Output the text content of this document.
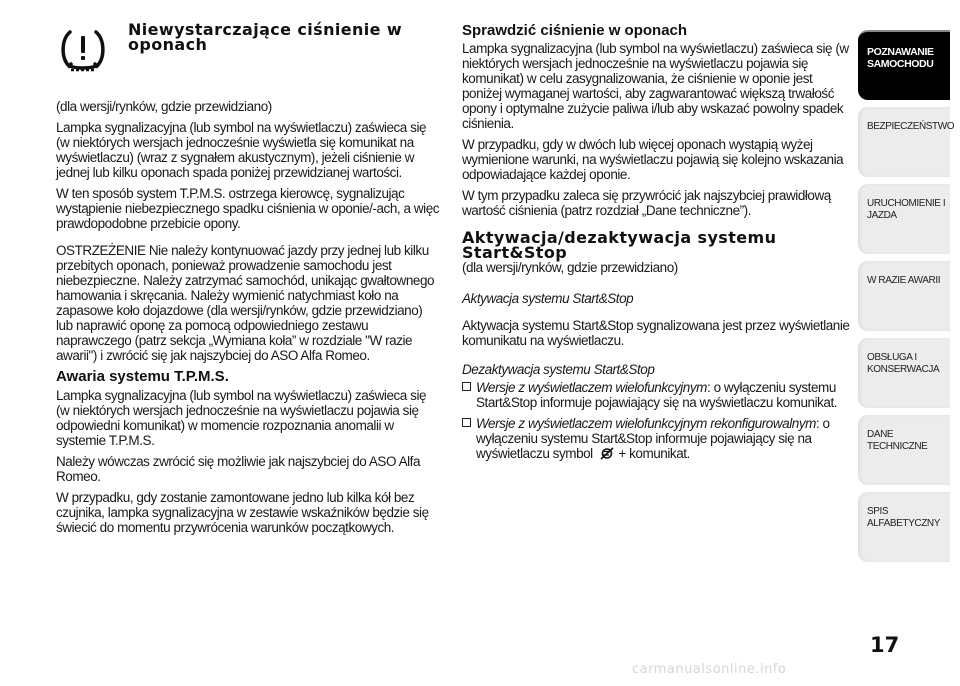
Niewystarczające ciśnienie w
oponach

(dla wersji/rynków, gdzie przewidziano)

Lampka sygnalizacyjna (lub symbol na wyświetlaczu) zaświeca się (w niektórych wersjach jednocześnie wyświetla się komunikat na wyświetlaczu) (wraz z sygnałem akustycznym), jeżeli ciśnienie w jednej lub kilku oponach spada poniżej przewidzianej wartości.

W ten sposób system T.P.M.S. ostrzega kierowcę, sygnalizując wystąpienie niebezpiecznego spadku ciśnienia w oponie/-ach, a więc prawdopodobne przebicie opony.

OSTRZEŻENIE Nie należy kontynuować jazdy przy jednej lub kilku przebitych oponach, ponieważ prowadzenie samochodu jest niebezpieczne. Należy zatrzymać samochód, unikając gwałtownego hamowania i skręcania. Należy wymienić natychmiast koło na zapasowe koło dojazdowe (dla wersji/rynków, gdzie przewidziano) lub naprawić oponę za pomocą odpowiedniego zestawu naprawczego (patrz sekcja „Wymiana koła” w rozdziale "W razie awarii") i zwrócić się jak najszybciej do ASO Alfa Romeo.

Awaria systemu T.P.M.S.

Lampka sygnalizacyjna (lub symbol na wyświetlaczu) zaświeca się (w niektórych wersjach jednocześnie na wyświetlaczu pojawia się odpowiedni komunikat) w momencie rozpoznania anomalii w systemie T.P.M.S.

Należy wówczas zwrócić się możliwie jak najszybciej do ASO Alfa Romeo.

W przypadku, gdy zostanie zamontowane jedno lub kilka kół bez czujnika, lampka sygnalizacyjna w zestawie wskaźników będzie się świecić do momentu przywrócenia warunków początkowych.

Sprawdzić ciśnienie w oponach

Lampka sygnalizacyjna (lub symbol na wyświetlaczu) zaświeca się (w niektórych wersjach jednocześnie na wyświetlaczu pojawia się komunikat) w celu zasygnalizowania, że ciśnienie w oponie jest poniżej wymaganej wartości, aby zagwarantować większą trwałość opony i optymalne zużycie paliwa i/lub aby wskazać powolny spadek ciśnienia.

W przypadku, gdy w dwóch lub więcej oponach wystąpią wyżej wymienione warunki, na wyświetlaczu pojawią się kolejno wskazania odpowiadające każdej oponie.

W tym przypadku zaleca się przywrócić jak najszybciej prawidłową wartość ciśnienia (patrz rozdział „Dane techniczne”).

Aktywacja/dezaktywacja systemu
Start&Stop

(dla wersji/rynków, gdzie przewidziano)

Aktywacja systemu Start&Stop

Aktywacja systemu Start&Stop sygnalizowana jest przez wyświetlanie komunikatu na wyświetlaczu.

Dezaktywacja systemu Start&Stop

Wersje z wyświetlaczem wielofunkcyjnym: o wyłączeniu systemu Start&Stop informuje pojawiający się na wyświetlaczu komunikat.
Wersje z wyświetlaczem wielofunkcyjnym rekonfigurowalnym: o wyłączeniu systemu Start&Stop informuje pojawiający się na wyświetlaczu symbol  + komunikat.
POZNAWANIE SAMOCHODU
BEZPIECZEŃSTWO
URUCHOMIENIE I JAZDA
W RAZIE AWARII
OBSŁUGA I KONSERWACJA
DANE TECHNICZNE
SPIS ALFABETYCZNY
17
carmanualsonline.info
